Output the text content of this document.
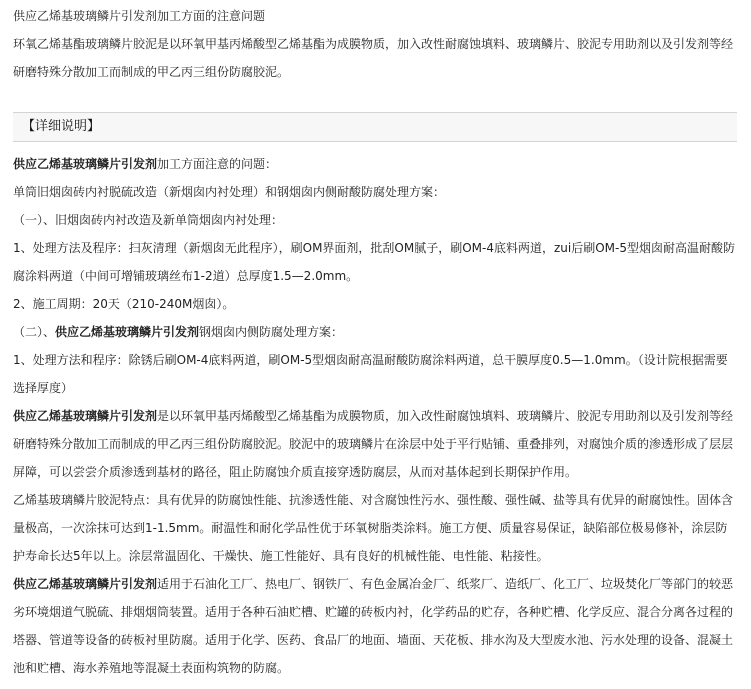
供应乙烯基玻璃鳞片引发剂加工方面的注意问题
环氧乙烯基酯玻璃鳞片胶泥是以环氧甲基丙烯酸型乙烯基酯为成膜物质，加入改性耐腐蚀填料、玻璃鳞片、胶泥专用助剂以及引发剂等经研磨特殊分散加工而制成的甲乙丙三组份防腐胶泥。
【详细说明】

供应乙烯基玻璃鳞片引发剂加工方面注意的问题：

单筒旧烟囱砖内衬脱硫改造（新烟囱内衬处理）和钢烟囱内侧耐酸防腐处理方案：

（一）、旧烟囱砖内衬改造及新单筒烟囱内衬处理：

1、处理方法及程序：扫灰清理（新烟囱无此程序），刷OM界面剂，批刮OM腻子，刷OM-4底料两道，zui后刷OM-5型烟囱耐高温耐酸防腐涂料两道（中间可增铺玻璃丝布1-2道）总厚度1.5—2.0mm。

2、施工周期：20天（210-240M烟囱）。

（二）、供应乙烯基玻璃鳞片引发剂钢烟囱内侧防腐处理方案：

1、处理方法和程序：除锈后刷OM-4底料两道，刷OM-5型烟囱耐高温耐酸防腐涂料两道，总干膜厚度0.5—1.0mm。（设计院根据需要选择厚度）

供应乙烯基玻璃鳞片引发剂是以环氧甲基丙烯酸型乙烯基酯为成膜物质，加入改性耐腐蚀填料、玻璃鳞片、胶泥专用助剂以及引发剂等经研磨特殊分散加工而制成的甲乙丙三组份防腐胶泥。胶泥中的玻璃鳞片在涂层中处于平行贴铺、重叠排列，对腐蚀介质的渗透形成了层层屏障，可以尝尝介质渗透到基材的路径，阻止防腐蚀介质直接穿透防腐层，从而对基体起到长期保护作用。

乙烯基玻璃鳞片胶泥特点：具有优异的防腐蚀性能、抗渗透性能、对含腐蚀性污水、强性酸、强性碱、盐等具有优异的耐腐蚀性。固体含量极高，一次涂抹可达到1-1.5mm。耐温性和耐化学品性优于环氧树脂类涂料。施工方便、质量容易保证，缺陷部位极易修补，涂层防护寿命长达5年以上。涂层常温固化、干燥快、施工性能好、具有良好的机械性能、电性能、粘接性。

供应乙烯基玻璃鳞片引发剂适用于石油化工厂、热电厂、钢铁厂、有色金属冶金厂、纸浆厂、造纸厂、化工厂、垃圾焚化厂等部门的较恶劣环境烟道气脱硫、排烟烟筒装置。适用于各种石油贮槽、贮罐的砖板内衬，化学药品的贮存，各种贮槽、化学反应、混合分离各过程的塔器、管道等设备的砖板衬里防腐。适用于化学、医药、食品厂的地面、墙面、天花板、排水沟及大型废水池、污水处理的设备、混凝土池和贮槽、海水养殖地等混凝土表面构筑物的防腐。
